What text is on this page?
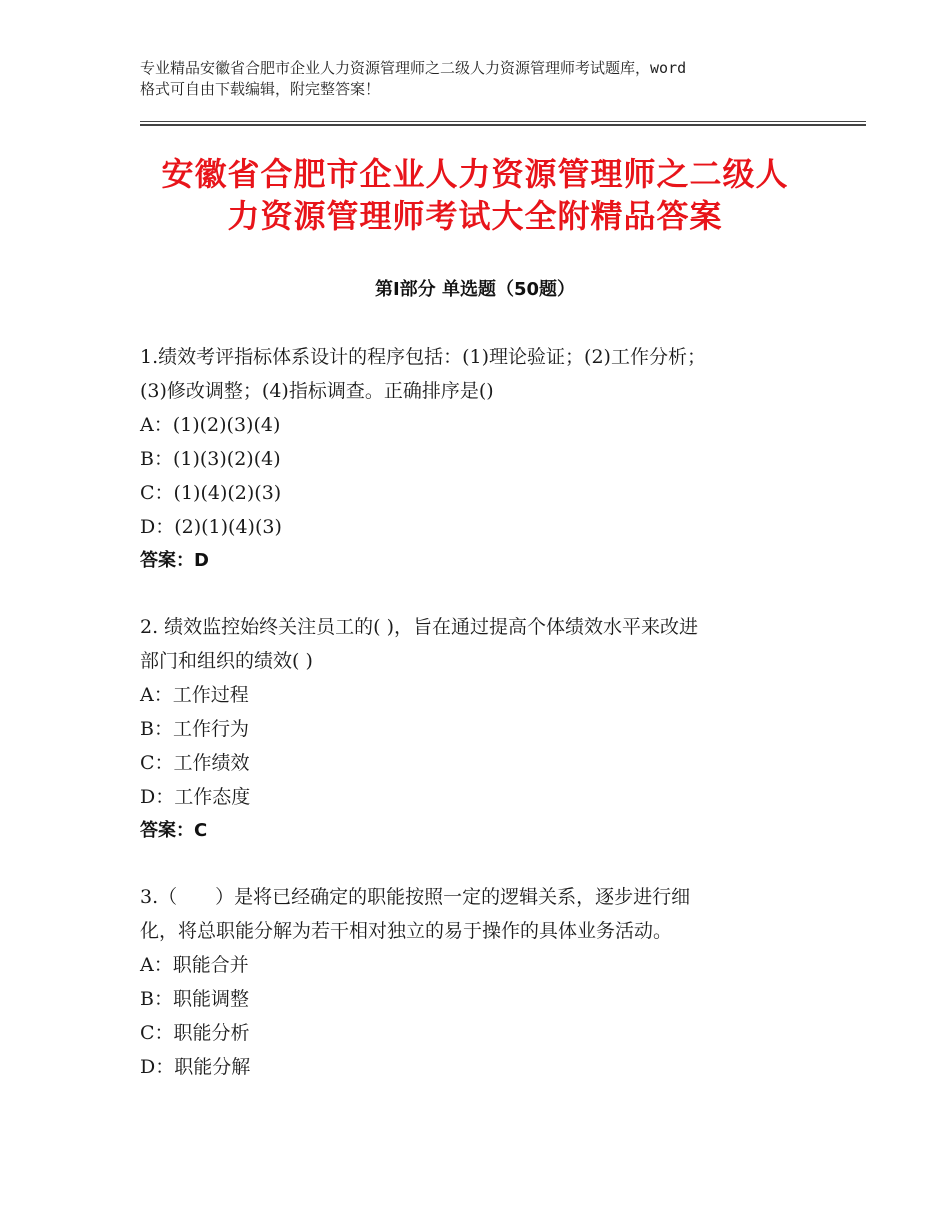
专业精品安徽省合肥市企业人力资源管理师之二级人力资源管理师考试题库，word
格式可自由下载编辑，附完整答案！
安徽省合肥市企业人力资源管理师之二级人
力资源管理师考试大全附精品答案
第Ⅰ部分 单选题（50题）
1.绩效考评指标体系设计的程序包括：(1)理论验证；(2)工作分析；
(3)修改调整；(4)指标调查。正确排序是()
A：(1)(2)(3)(4)
B：(1)(3)(2)(4)
C：(1)(4)(2)(3)
D：(2)(1)(4)(3)
答案：D
2. 绩效监控始终关注员工的( )，旨在通过提高个体绩效水平来改进
部门和组织的绩效( )
A：工作过程
B：工作行为
C：工作绩效
D：工作态度
答案：C
3.（　　）是将已经确定的职能按照一定的逻辑关系，逐步进行细
化，将总职能分解为若干相对独立的易于操作的具体业务活动。
A：职能合并
B：职能调整
C：职能分析
D：职能分解
